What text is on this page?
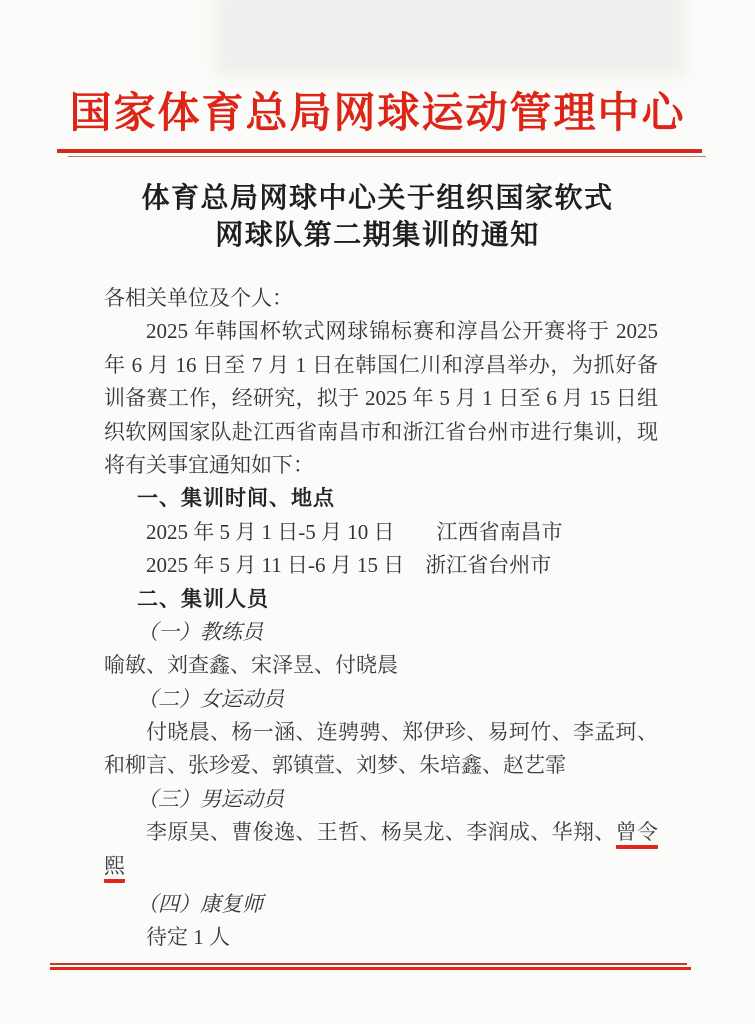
国家体育总局网球运动管理中心
体育总局网球中心关于组织国家软式
网球队第二期集训的通知
各相关单位及个人：
2025 年韩国杯软式网球锦标赛和淳昌公开赛将于 2025
年 6 月 16 日至 7 月 1 日在韩国仁川和淳昌举办，为抓好备
训备赛工作，经研究，拟于 2025 年 5 月 1 日至 6 月 15 日组
织软网国家队赴江西省南昌市和浙江省台州市进行集训，现
将有关事宜通知如下：
一、集训时间、地点
2025 年 5 月 1 日-5 月 10 日　　江西省南昌市
2025 年 5 月 11 日-6 月 15 日　浙江省台州市
二、集训人员
（一）教练员
喻敏、刘查鑫、宋泽昱、付晓晨
（二）女运动员
付晓晨、杨一涵、连骋骋、郑伊珍、易珂竹、李孟珂、
和柳言、张珍爱、郭镇萱、刘梦、朱培鑫、赵艺霏
（三）男运动员
李原昊、曹俊逸、王哲、杨昊龙、李润成、华翔、曾令
熙
（四）康复师
待定 1 人
